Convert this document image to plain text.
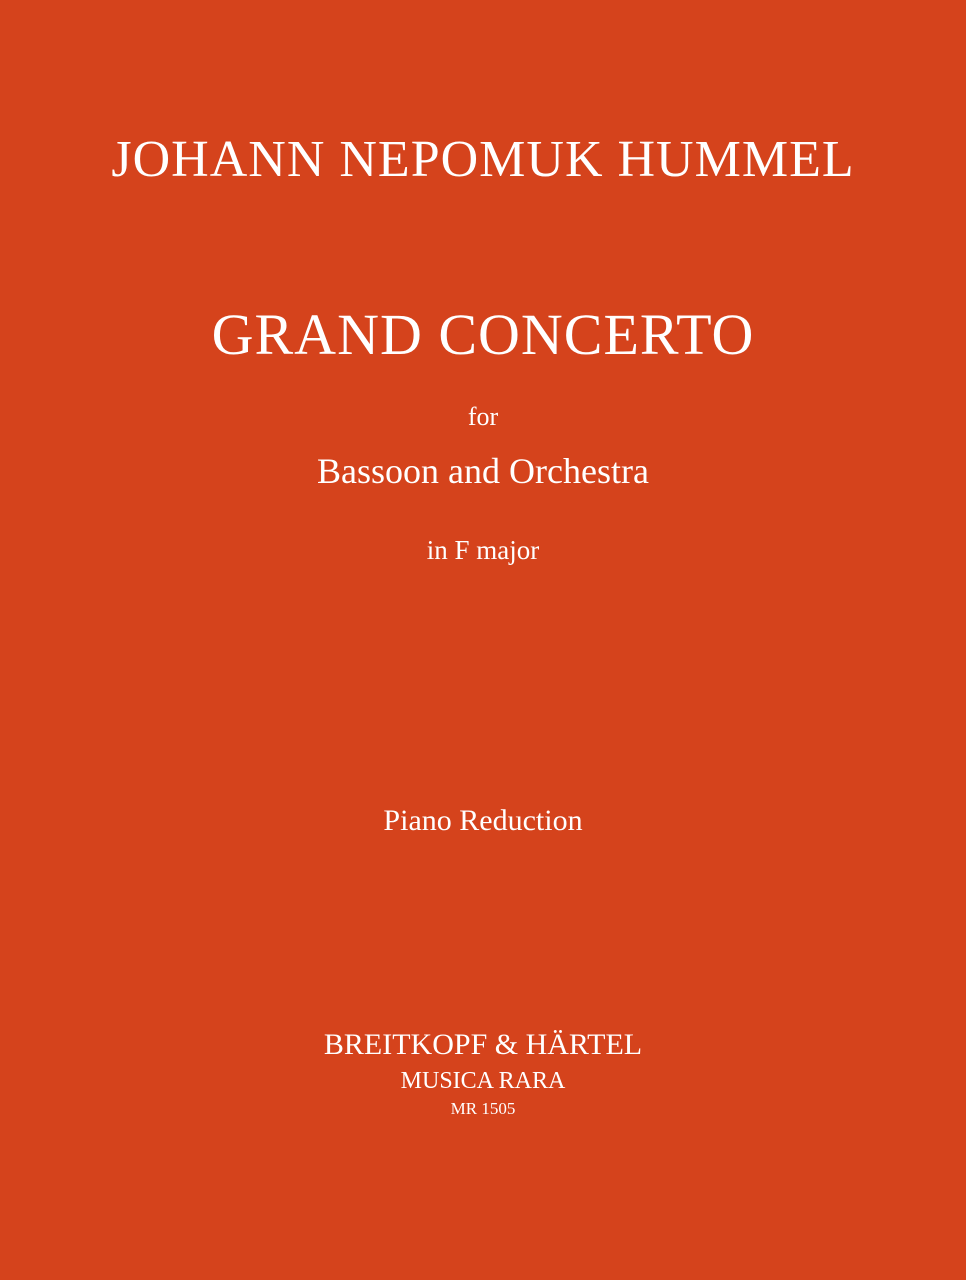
JOHANN NEPOMUK HUMMEL
GRAND CONCERTO
for
Bassoon and Orchestra
in F major
Piano Reduction
BREITKOPF & HÄRTEL
MUSICA RARA
MR 1505
